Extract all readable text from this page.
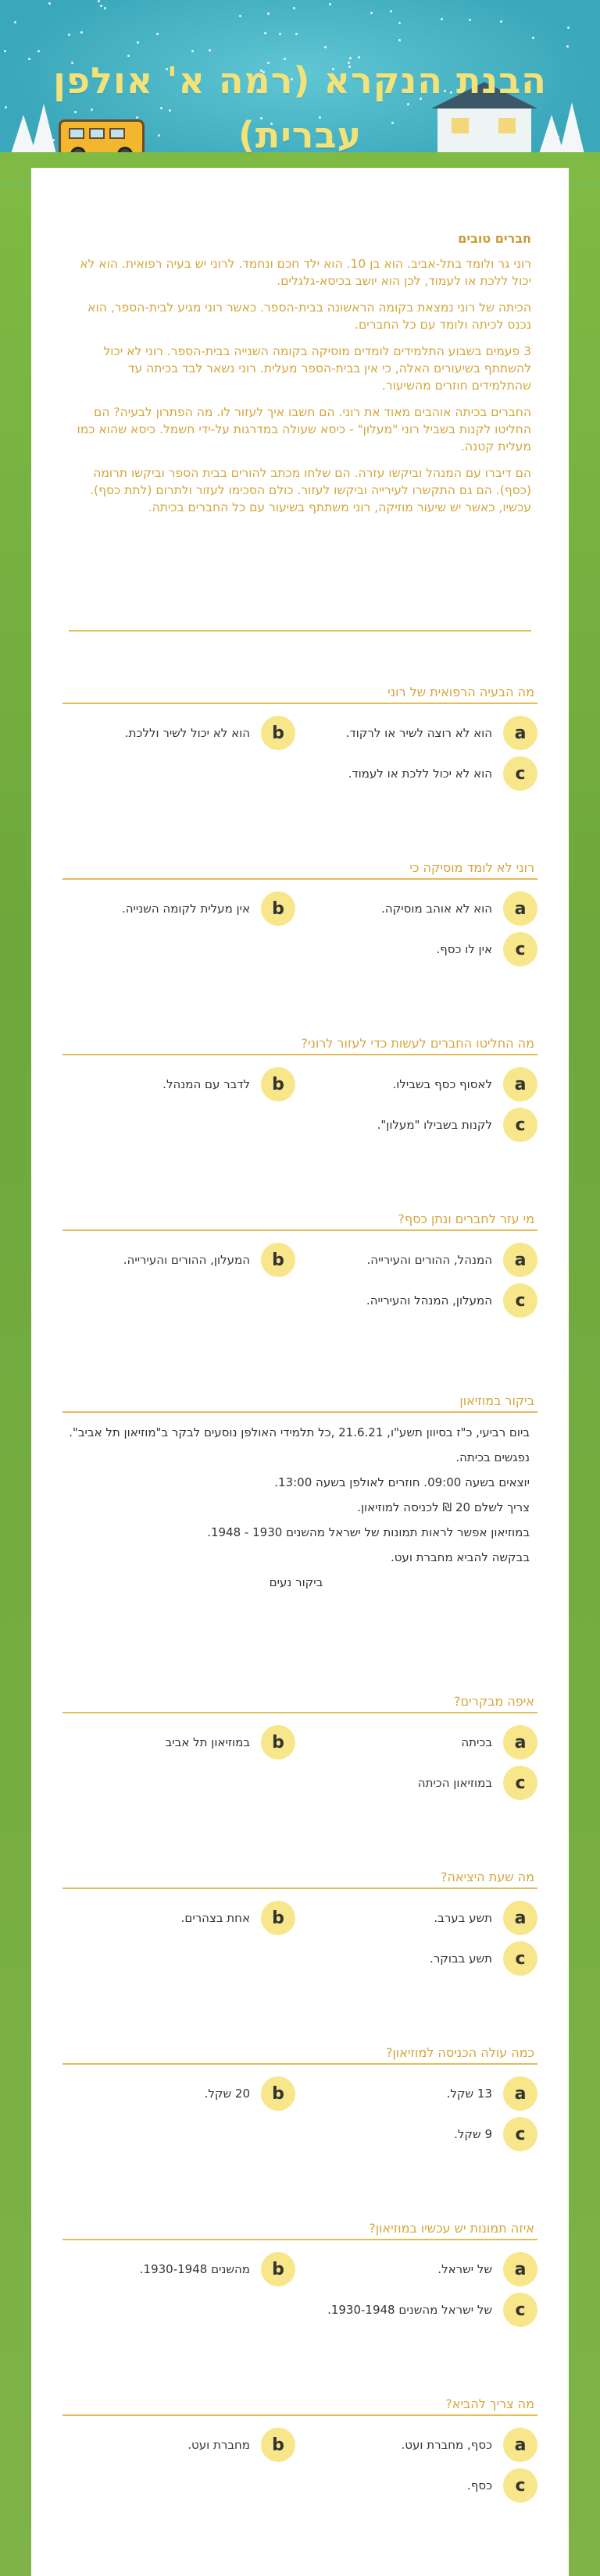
הבנת הנקרא (רמה א' אולפן עברית)
חברים טובים

רוני גר ולומד בתל-אביב. הוא בן 10. הוא ילד חכם ונחמד. לרוני יש בעיה רפואית. הוא לא יכול ללכת או לעמוד, לכן הוא יושב בכיסא-גלגלים.

הכיתה של רוני נמצאת בקומה הראשונה בבית-הספר. כאשר רוני מגיע לבית-הספר, הוא נכנס לכיתה ולומד עם כל החברים.

3 פעמים בשבוע התלמידים לומדים מוסיקה בקומה השנייה בבית-הספר. רוני לא יכול להשתתף בשיעורים האלה, כי אין בבית-הספר מעלית. רוני נשאר לבד בכיתה עד שהתלמידים חוזרים מהשיעור.

החברים בכיתה אוהבים מאוד את רוני. הם חשבו איך לעזור לו. מה הפתרון לבעיה? הם החליטו לקנות בשביל רוני "מעלון" - כיסא שעולה במדרגות על-ידי חשמל. כיסא שהוא כמו מעלית קטנה.

הם דיברו עם המנהל וביקשו עזרה. הם שלחו מכתב להורים בבית הספר וביקשו תרומה (כסף). הם גם התקשרו לעירייה וביקשו לעזור. כולם הסכימו לעזור ולתרום (לתת כסף). עכשיו, כאשר יש שיעור מוזיקה, רוני משתתף בשיעור עם כל החברים בכיתה.

מה הבעיה הרפואית של רוני
a
הוא לא רוצה לשיר או לרקוד.
b
הוא לא יכול לשיר וללכת.
c
הוא לא יכול ללכת או לעמוד.
רוני לא לומד מוסיקה כי
a
הוא לא אוהב מוסיקה.
b
אין מעלית לקומה השנייה.
c
אין לו כסף.
מה החליטו החברים לעשות כדי לעזור לרוני?
a
לאסוף כסף בשבילו.
b
לדבר עם המנהל.
c
לקנות בשבילו "מעלון".
מי עזר לחברים ונתן כסף?
a
המנהל, ההורים והעירייה.
b
המעלון, ההורים והעירייה.
c
המעלון, המנהל והעירייה.
ביקור במוזיאון

ביום רביעי, כ"ז בסיוון תשע"ו, 21.6.21 ,כל תלמידי האולפן נוסעים לבקר ב"מוזיאון תל אביב".

נפגשים בכיתה.

יוצאים בשעה 09:00. חוזרים לאולפן בשעה 13:00.

צריך לשלם 20 ₪ לכניסה למוזיאון.

במוזיאון אפשר לראות תמונות של ישראל מהשנים 1930 - 1948.

בבקשה להביא מחברת ועט.

ביקור נעים

איפה מבקרים?
a
בכיתה
b
במוזיאון תל אביב
c
במוזיאון הכיתה
מה שעת היציאה?
a
תשע בערב.
b
אחת בצהרים.
c
תשע בבוקר.
כמה עולה הכניסה למוזיאון?
a
13 שקל.
b
20 שקל.
c
9 שקל.
איזה תמונות יש עכשיו במוזיאון?
a
של ישראל.
b
מהשנים 1930-1948.
c
של ישראל מהשנים 1930-1948.
מה צריך להביא?
a
כסף, מחברת ועט.
b
מחברת ועט.
c
כסף.
